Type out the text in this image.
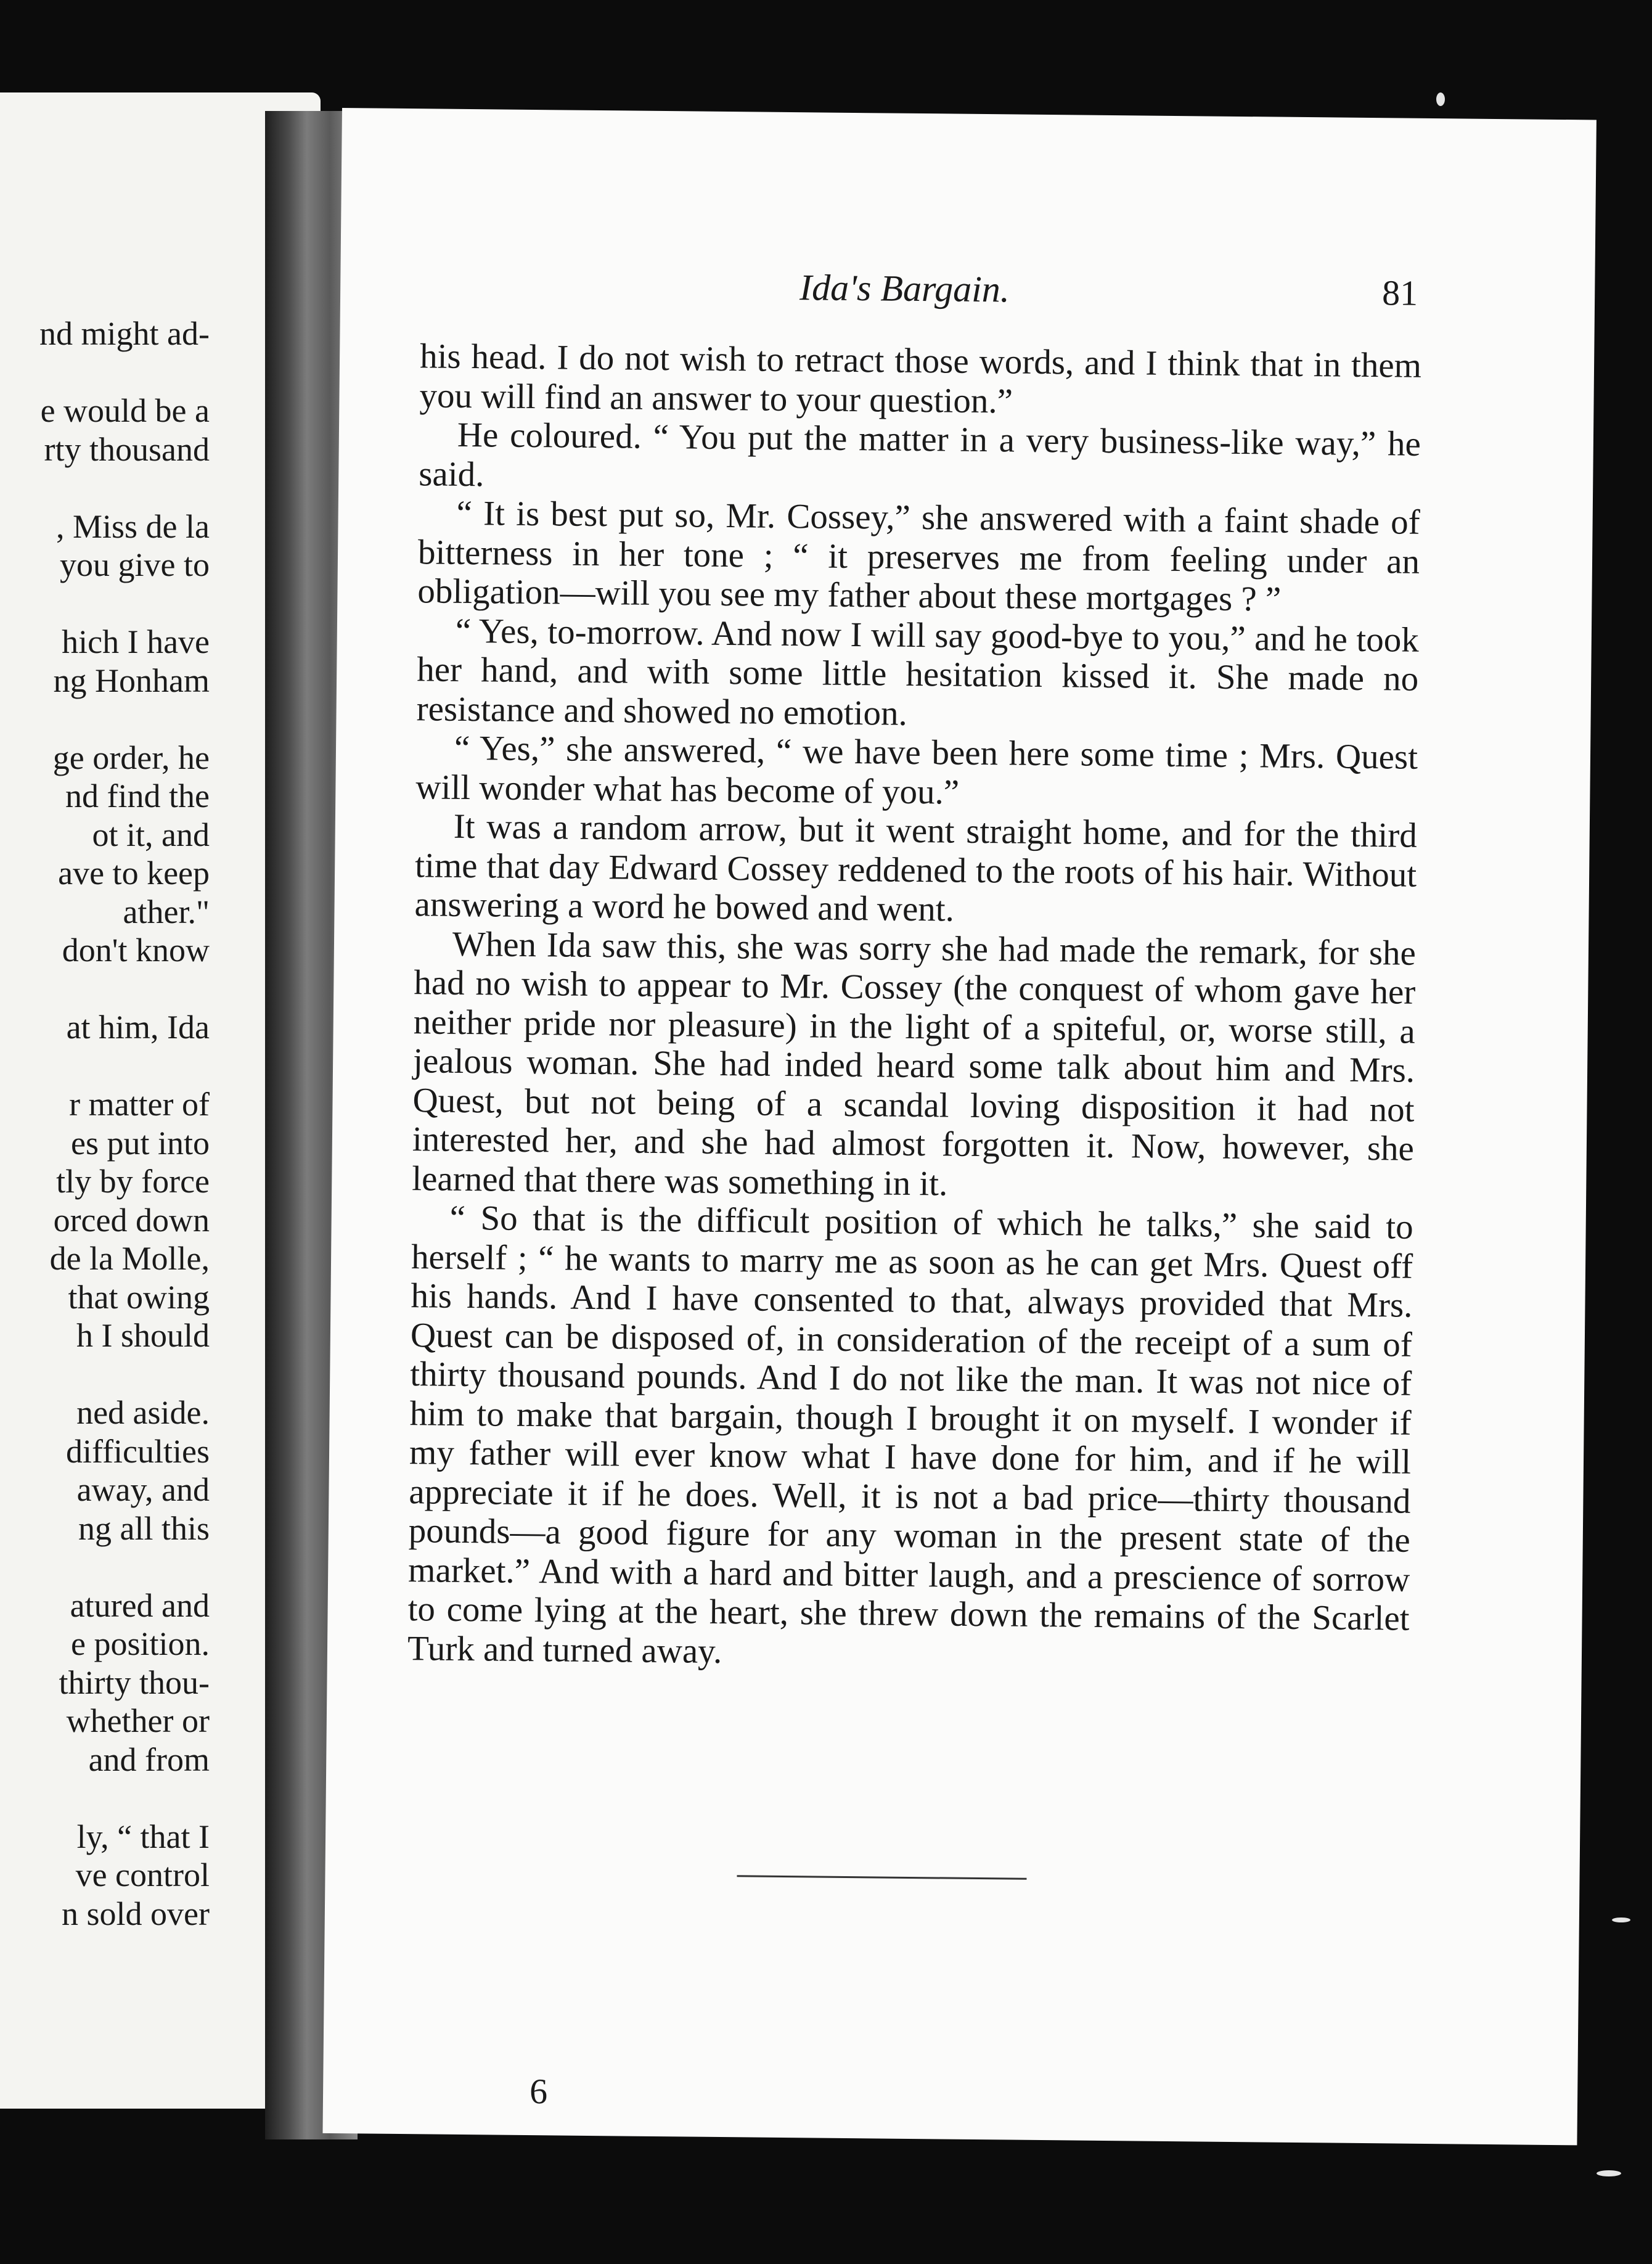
nd might ad-
e would be a
rty thousand
, Miss de la
you give to
hich I have
ng Honham
ge order, he
nd find the
ot it, and
ave to keep
ather."
don't know
at him, Ida
r matter of
es put into
tly by force
orced down
de la Molle,
that owing
h I should
ned aside.
difficulties
away, and
ng all this
atured and
e position.
thirty thou-
whether or
and from
ly, “ that I
ve control
n sold over
Ida's Bargain.	81

his head. I do not wish to retract those words, and I think that in them you will find an answer to your question.”

He coloured. “ You put the matter in a very business-like way,” he said.

“ It is best put so, Mr. Cossey,” she answered with a faint shade of bitterness in her tone ; “ it preserves me from feeling under an obligation—will you see my father about these mortgages ? ”

“ Yes, to-morrow. And now I will say good-bye to you,” and he took her hand, and with some little hesitation kissed it. She made no resistance and showed no emotion.

“ Yes,” she answered, “ we have been here some time ; Mrs. Quest will wonder what has become of you.”

It was a random arrow, but it went straight home, and for the third time that day Edward Cossey reddened to the roots of his hair. Without answering a word he bowed and went.

When Ida saw this, she was sorry she had made the remark, for she had no wish to appear to Mr. Cossey (the conquest of whom gave her neither pride nor pleasure) in the light of a spiteful, or, worse still, a jealous woman. She had inded heard some talk about him and Mrs. Quest, but not being of a scandal loving disposition it had not interested her, and she had almost forgotten it. Now, however, she learned that there was something in it.

“ So that is the difficult position of which he talks,” she said to herself ; “ he wants to marry me as soon as he can get Mrs. Quest off his hands. And I have consented to that, always provided that Mrs. Quest can be disposed of, in consideration of the receipt of a sum of thirty thousand pounds. And I do not like the man. It was not nice of him to make that bargain, though I brought it on myself. I wonder if my father will ever know what I have done for him, and if he will appreciate it if he does. Well, it is not a bad price—thirty thousand pounds—a good figure for any woman in the present state of the market.” And with a hard and bitter laugh, and a prescience of sorrow to come lying at the heart, she threw down the remains of the Scarlet Turk and turned away.

6
